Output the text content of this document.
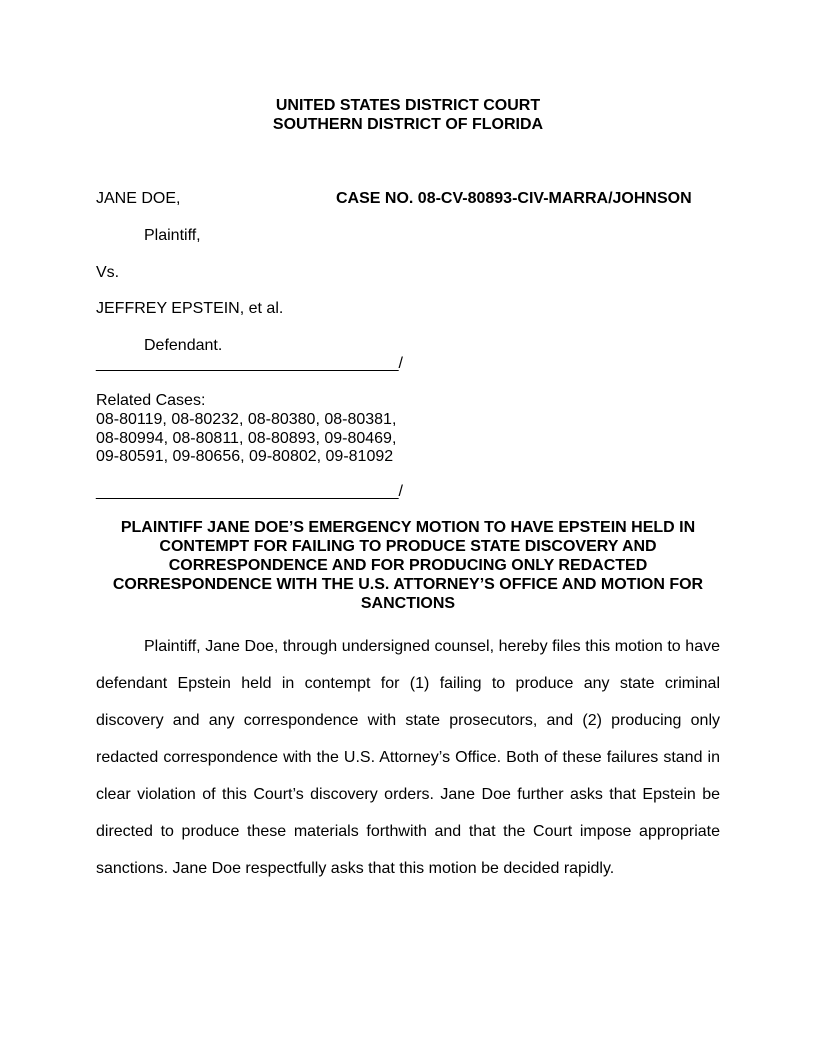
UNITED STATES DISTRICT COURT
SOUTHERN DISTRICT OF FLORIDA
JANE DOE,	CASE NO. 08-CV-80893-CIV-MARRA/JOHNSON
Plaintiff,
Vs.
JEFFREY EPSTEIN, et al.
Defendant.
__________________________________/
Related Cases:
08-80119, 08-80232, 08-80380, 08-80381,
08-80994, 08-80811, 08-80893, 09-80469,
09-80591, 09-80656, 09-80802, 09-81092
__________________________________/
PLAINTIFF JANE DOE’S EMERGENCY MOTION TO HAVE EPSTEIN HELD IN CONTEMPT FOR FAILING TO PRODUCE STATE DISCOVERY AND CORRESPONDENCE AND FOR PRODUCING ONLY REDACTED CORRESPONDENCE WITH THE U.S. ATTORNEY’S OFFICE AND MOTION FOR SANCTIONS
Plaintiff, Jane Doe, through undersigned counsel, hereby files this motion to have defendant Epstein held in contempt for (1) failing to produce any state criminal discovery and any correspondence with state prosecutors, and (2) producing only redacted correspondence with the U.S. Attorney’s Office. Both of these failures stand in clear violation of this Court’s discovery orders. Jane Doe further asks that Epstein be directed to produce these materials forthwith and that the Court impose appropriate sanctions. Jane Doe respectfully asks that this motion be decided rapidly.
